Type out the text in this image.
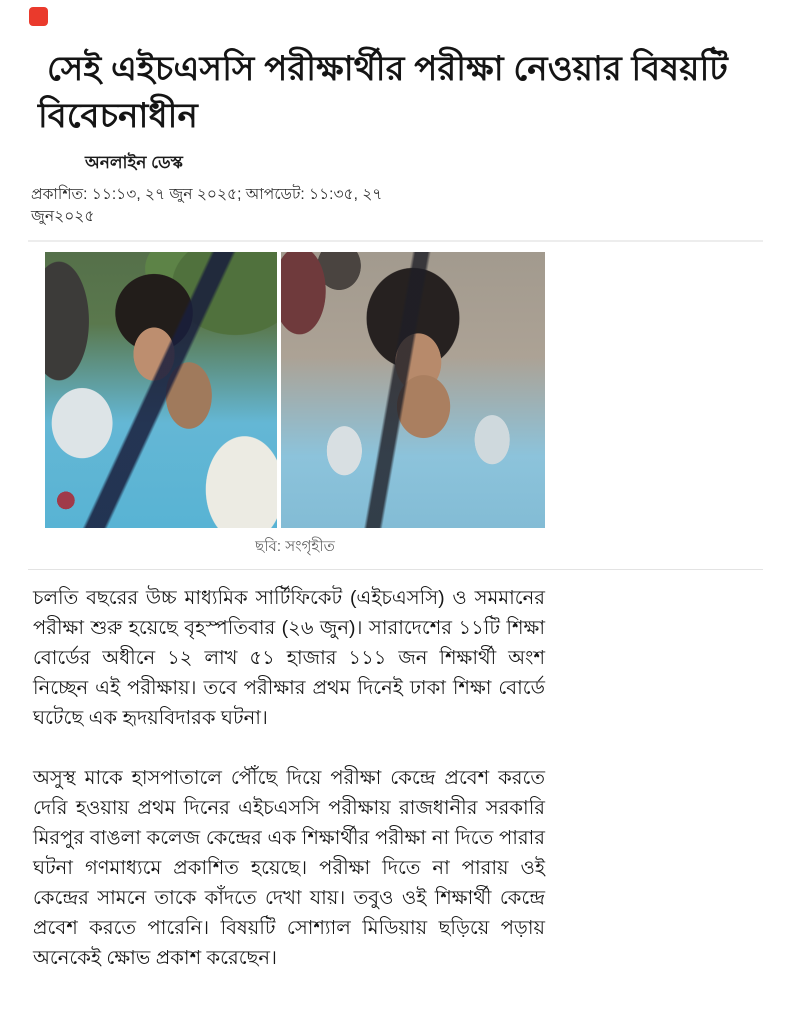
সেই এইচএসসি পরীক্ষার্থীর পরীক্ষা নেওয়ার বিষয়টি বিবেচনাধীন
অনলাইন ডেস্ক
প্রকাশিত: ১১:১৩, ২৭ জুন ২০২৫; আপডেট: ১১:৩৫, ২৭
জুন২০২৫
ছবি: সংগৃহীত

চলতি বছরের উচ্চ মাধ্যমিক সার্টিফিকেট (এইচএসসি) ও সমমানের পরীক্ষা শুরু হয়েছে বৃহস্পতিবার (২৬ জুন)। সারাদেশের ১১টি শিক্ষা বোর্ডের অধীনে ১২ লাখ ৫১ হাজার ১১১ জন শিক্ষার্থী অংশ নিচ্ছেন এই পরীক্ষায়। তবে পরীক্ষার প্রথম দিনেই ঢাকা শিক্ষা বোর্ডে ঘটেছে এক হৃদয়বিদারক ঘটনা।

অসুস্থ মাকে হাসপাতালে পৌঁছে দিয়ে পরীক্ষা কেন্দ্রে প্রবেশ করতে দেরি হওয়ায় প্রথম দিনের এইচএসসি পরীক্ষায় রাজধানীর সরকারি মিরপুর বাঙলা কলেজ কেন্দ্রের এক শিক্ষার্থীর পরীক্ষা না দিতে পারার ঘটনা গণমাধ্যমে প্রকাশিত হয়েছে। পরীক্ষা দিতে না পারায় ওই কেন্দ্রের সামনে তাকে কাঁদতে দেখা যায়। তবুও ওই শিক্ষার্থী কেন্দ্রে প্রবেশ করতে পারেনি। বিষয়টি সোশ্যাল মিডিয়ায় ছড়িয়ে পড়ায় অনেকেই ক্ষোভ প্রকাশ করেছেন।
